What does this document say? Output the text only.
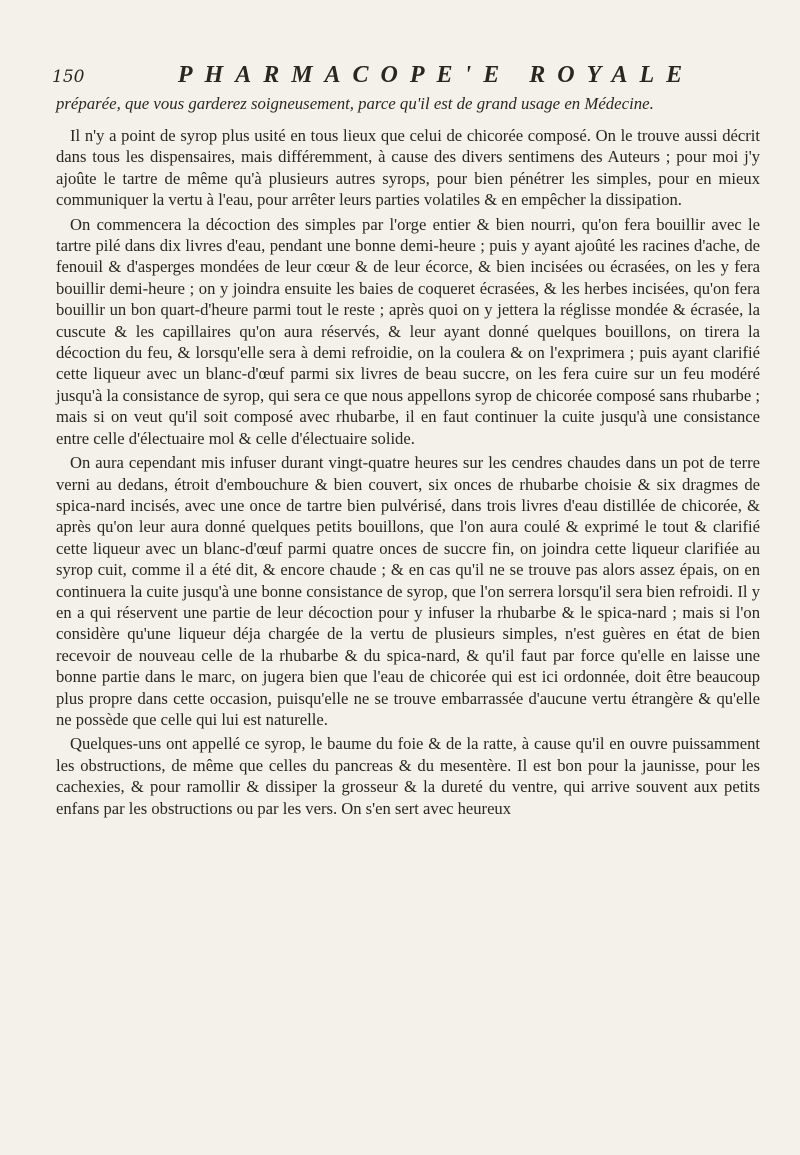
150	PHARMACOPE'E ROYALE

préparée, que vous garderez soigneusement, parce qu'il est de grand usage en Médecine.

Il n'y a point de syrop plus usité en tous lieux que celui de chicorée composé. On le trouve aussi décrit dans tous les dispensaires, mais différemment, à cause des divers sentimens des Auteurs ; pour moi j'y ajoûte le tartre de même qu'à plusieurs autres syrops, pour bien pénétrer les simples, pour en mieux communiquer la vertu à l'eau, pour arrêter leurs parties volatiles & en empêcher la dissipation.

On commencera la décoction des simples par l'orge entier & bien nourri, qu'on fera bouillir avec le tartre pilé dans dix livres d'eau, pendant une bonne demi-heure ; puis y ayant ajoûté les racines d'ache, de fenouil & d'asperges mondées de leur cœur & de leur écorce, & bien incisées ou écrasées, on les y fera bouillir demi-heure ; on y joindra ensuite les baies de coqueret écrasées, & les herbes incisées, qu'on fera bouillir un bon quart-d'heure parmi tout le reste ; après quoi on y jettera la réglisse mondée & écrasée, la cuscute & les capillaires qu'on aura réservés, & leur ayant donné quelques bouillons, on tirera la décoction du feu, & lorsqu'elle sera à demi refroidie, on la coulera & on l'exprimera ; puis ayant clarifié cette liqueur avec un blanc-d'œuf parmi six livres de beau succre, on les fera cuire sur un feu modéré jusqu'à la consistance de syrop, qui sera ce que nous appellons syrop de chicorée composé sans rhubarbe ; mais si on veut qu'il soit composé avec rhubarbe, il en faut continuer la cuite jusqu'à une consistance entre celle d'électuaire mol & celle d'électuaire solide.

On aura cependant mis infuser durant vingt-quatre heures sur les cendres chaudes dans un pot de terre verni au dedans, étroit d'embouchure & bien couvert, six onces de rhubarbe choisie & six dragmes de spica-nard incisés, avec une once de tartre bien pulvérisé, dans trois livres d'eau distillée de chicorée, & après qu'on leur aura donné quelques petits bouillons, que l'on aura coulé & exprimé le tout & clarifié cette liqueur avec un blanc-d'œuf parmi quatre onces de succre fin, on joindra cette liqueur clarifiée au syrop cuit, comme il a été dit, & encore chaude ; & en cas qu'il ne se trouve pas alors assez épais, on en continuera la cuite jusqu'à une bonne consistance de syrop, que l'on serrera lorsqu'il sera bien refroidi. Il y en a qui réservent une partie de leur décoction pour y infuser la rhubarbe & le spica-nard ; mais si l'on considère qu'une liqueur déja chargée de la vertu de plusieurs simples, n'est guères en état de bien recevoir de nouveau celle de la rhubarbe & du spica-nard, & qu'il faut par force qu'elle en laisse une bonne partie dans le marc, on jugera bien que l'eau de chicorée qui est ici ordonnée, doit être beaucoup plus propre dans cette occasion, puisqu'elle ne se trouve embarrassée d'aucune vertu étrangère & qu'elle ne possède que celle qui lui est naturelle.

Quelques-uns ont appellé ce syrop, le baume du foie & de la ratte, à cause qu'il en ouvre puissamment les obstructions, de même que celles du pancreas & du mesentère. Il est bon pour la jaunisse, pour les cachexies, & pour ramollir & dissiper la grosseur & la dureté du ventre, qui arrive souvent aux petits enfans par les obstructions ou par les vers. On s'en sert avec heureux
